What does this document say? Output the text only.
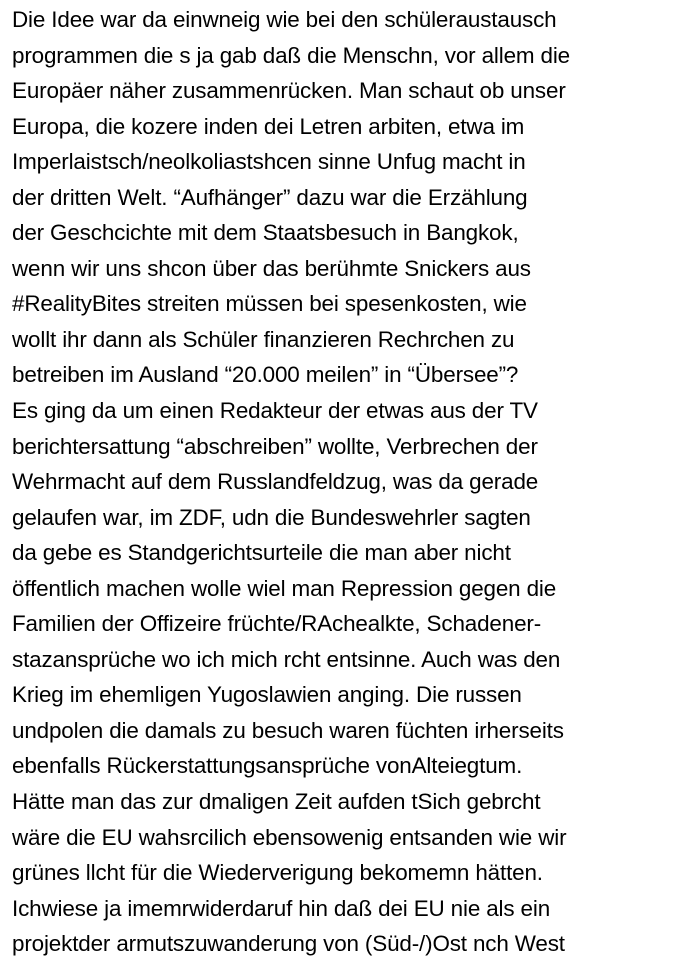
Die Idee war da einwneig wie bei den schüleraustausch
programmen die s ja gab daß die Menschn, vor allem die
Europäer näher zusammenrücken. Man schaut ob unser
Europa, die kozere inden dei Letren arbiten, etwa im
Imperlaistsch/neolkoliastshcen sinne Unfug macht in
der dritten Welt. “Aufhänger” dazu war die Erzählung
der Geschcichte mit dem Staatsbesuch in Bangkok,
wenn wir uns shcon über das berühmte Snickers aus
#RealityBites streiten müssen bei spesenkosten, wie
wollt ihr dann als Schüler finanzieren Rechrchen zu
betreiben im Ausland “20.000 meilen” in “Übersee”?
Es ging da um einen Redakteur der etwas aus der TV
berichtersattung “abschreiben” wollte, Verbrechen der
Wehrmacht auf dem Russlandfeldzug, was da gerade
gelaufen war, im ZDF, udn die Bundeswehrler sagten
da gebe es Standgerichtsurteile die man aber nicht
öffentlich machen wolle wiel man Repression gegen die
Familien der Offizeire früchte/RAchealkte, Schadener-
stazansprüche wo ich mich rcht entsinne. Auch was den
Krieg im ehemligen Yugoslawien anging. Die russen
undpolen die damals zu besuch waren füchten irherseits
ebenfalls Rückerstattungsansprüche vonAlteiegtum.
Hätte man das zur dmaligen Zeit aufden tSich gebrcht
wäre die EU wahsrcilich ebensowenig entsanden wie wir
grünes llcht für die Wiederverigung bekomemn hätten.
Ichwiese ja imemrwiderdaruf hin daß dei EU nie als ein
projektder armutszuwanderung von (Süd-/)Ost nch West
